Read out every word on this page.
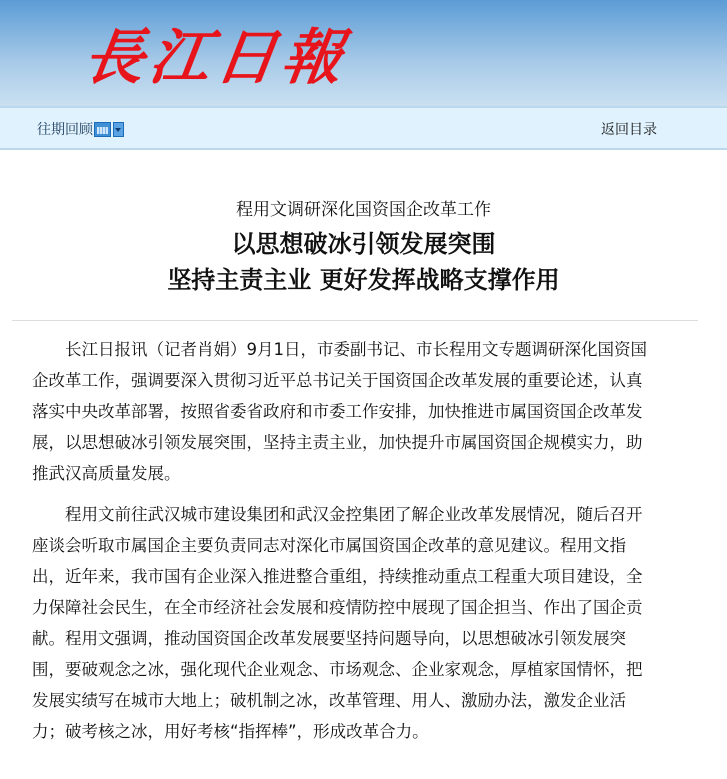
長江日報
往期回顾	返回目录
程用文调研深化国资国企改革工作
以思想破冰引领发展突围
坚持主责主业 更好发挥战略支撑作用
长江日报讯（记者肖娟）9月1日，市委副书记、市长程用文专题调研深化国资国
企改革工作，强调要深入贯彻习近平总书记关于国资国企改革发展的重要论述，认真
落实中央改革部署，按照省委省政府和市委工作安排，加快推进市属国资国企改革发
展，以思想破冰引领发展突围，坚持主责主业，加快提升市属国资国企规模实力，助
推武汉高质量发展。
程用文前往武汉城市建设集团和武汉金控集团了解企业改革发展情况，随后召开
座谈会听取市属国企主要负责同志对深化市属国资国企改革的意见建议。程用文指
出，近年来，我市国有企业深入推进整合重组，持续推动重点工程重大项目建设，全
力保障社会民生，在全市经济社会发展和疫情防控中展现了国企担当、作出了国企贡
献。程用文强调，推动国资国企改革发展要坚持问题导向，以思想破冰引领发展突
围，要破观念之冰，强化现代企业观念、市场观念、企业家观念，厚植家国情怀，把
发展实绩写在城市大地上；破机制之冰，改革管理、用人、激励办法，激发企业活
力；破考核之冰，用好考核“指挥棒”，形成改革合力。
